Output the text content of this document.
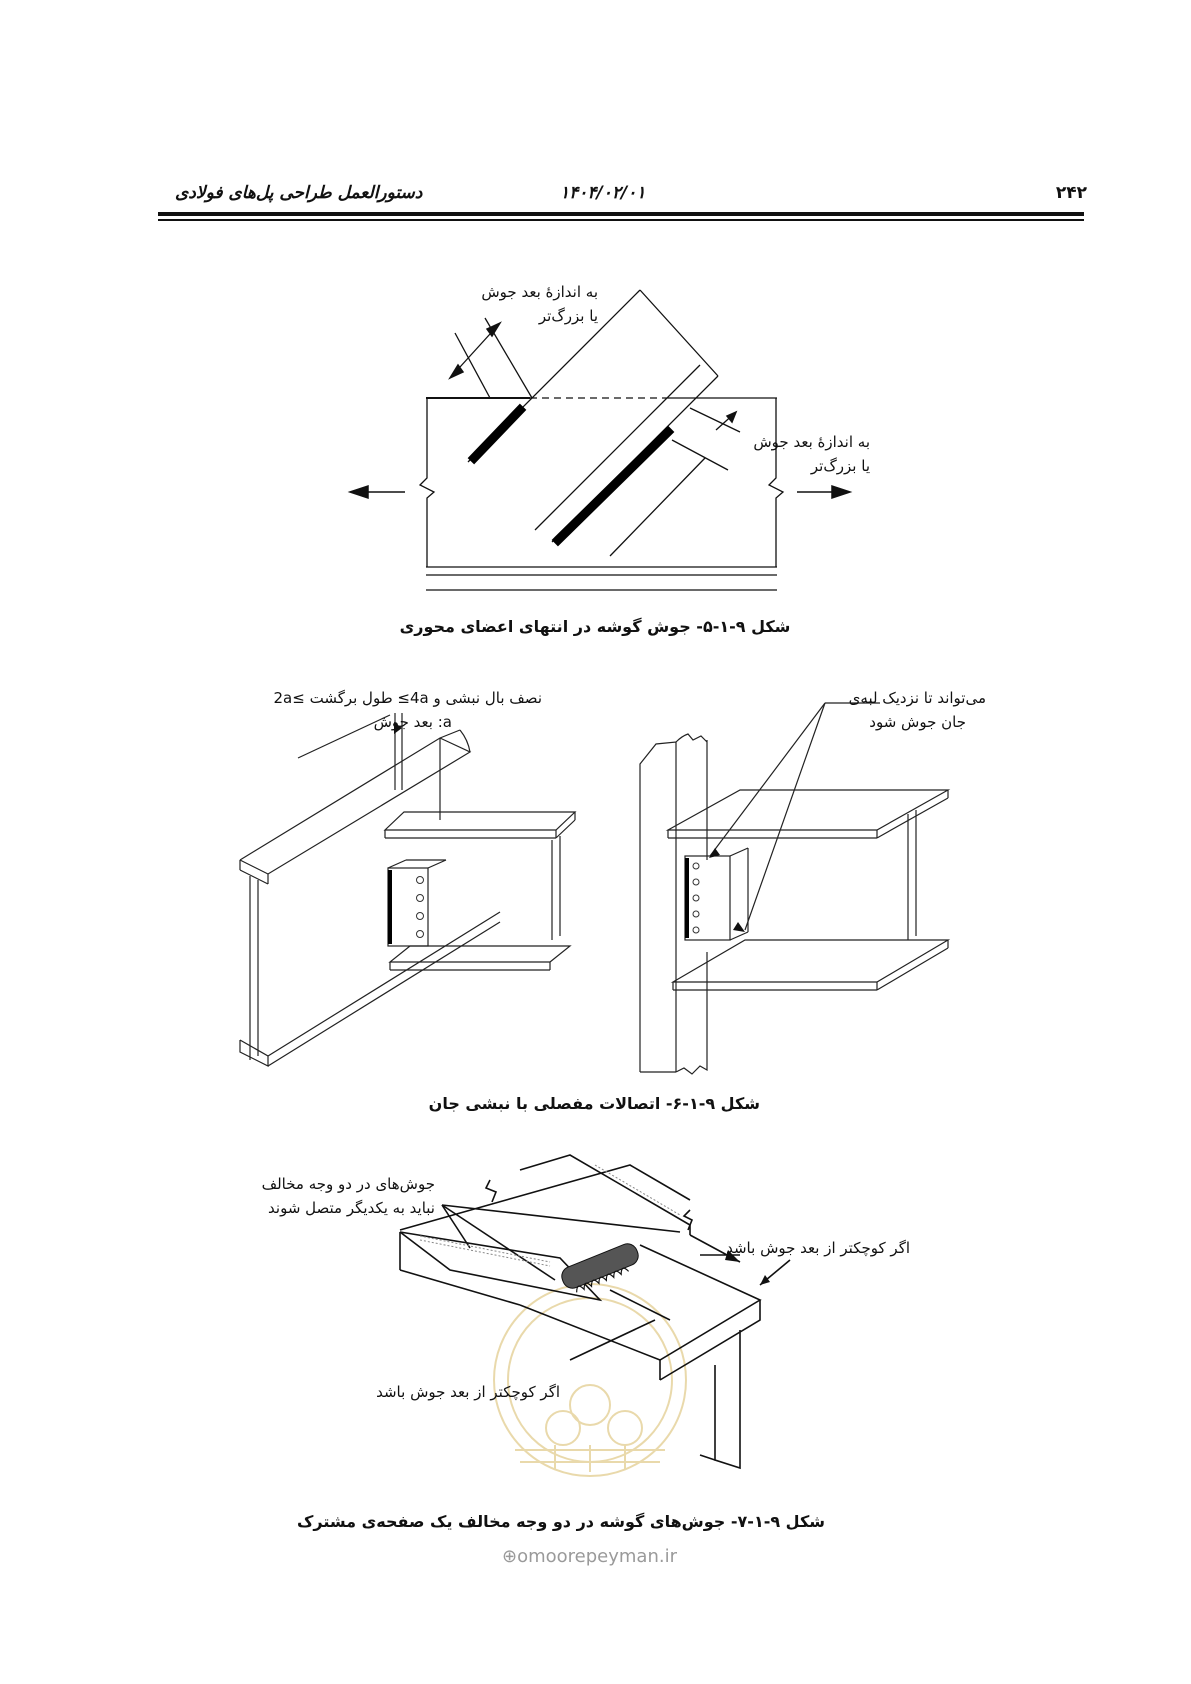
۲۴۲
۱۴۰۴/۰۲/۰۱
دستورالعمل طراحی پل‌های فولادی
به اندازهٔ بعد جوش
یا بزرگ‌تر
به اندازهٔ بعد جوش
یا بزرگ‌تر
شکل ۹-۱-۵- جوش گوشه در انتهای اعضای محوری
نصف بال نبشی و 4a≥ طول برگشت ≥2a
a: بعد جوش
می‌تواند تا نزدیک لبه‌ی
جان جوش شود
شکل ۹-۱-۶- اتصالات مفصلی با نبشی جان
جوش‌های در دو وجه مخالف
نباید به یکدیگر متصل شوند
اگر کوچکتر از بعد جوش باشد
اگر کوچکتر از بعد جوش باشد
شکل ۹-۱-۷- جوش‌های گوشه در دو وجه مخالف یک صفحه‌ی مشترک
⊕omoorepeyman.ir
